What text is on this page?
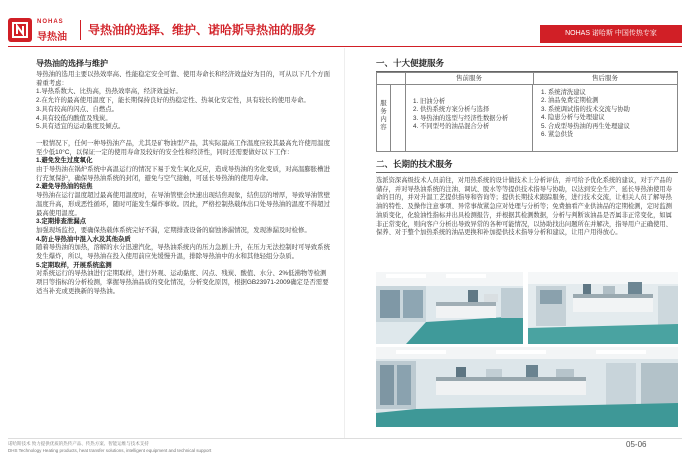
NOHAS
导热油
导热油的选择、维护、诺哈斯导热油的服务	NOHAS 诺哈斯 中国传热专家
导热油的选择与维护

导热油的选用主要以热效率高、性能稳定安全可靠、使用寿命长和经济效益好为目的，可从以下几个方面着重考虑：

1.导热系数大、比热高，热热效率高，经济效益好。

2.在允许的最高使用温度下，能长期保持良好的热稳定性、热氧化安定性，具有较长的使用寿命。

3.具有较高的闪点、自燃点。

4.具有较低的酸值及残炭。

5.具有适宜的运动黏度及倾点。

一般情况下，任何一种导热油产品，尤其是矿物油型产品，其实际最高工作温度应较其最高允许使用温度至少低10°C，以保证一定的使用寿命及较好的安全性和经济性，同时还需要做好以下工作：

1.避免发生过度氧化

由于导热油在锅炉系统中高温运行的情况下易于发生氧化反应，造成导热油的劣化变质，对高温膨胀槽进行充氮保护，确保导热油系统的封闭，避免与空气接触，可延长导热油的使用寿命。

2.避免导热油的结焦

导热油在运行温度超过最高使用温度时，在导油管壁会快速出现结焦现象，结焦层的增厚，导致导油管壁温度升高，形成恶性循环，随时可能发生爆炸事故。因此，严格控制热载体出口处导热油的温度不得超过最高使用温度。

3.定期排查泄漏点

加强现场监控，要确保热载体系统完好不漏，定期排查设备的腐蚀渗漏情况，发现渗漏及时检修。

4.防止导热油中混入水及其他杂质

随着导热油的加热，溶解的水分迅速汽化，导热油系统内的压力急剧上升，在压力无法控制时可导致系统发生爆炸，所以，导热油在投入使用前应先缓慢升温，排除导热油中的水和其他轻组分杂质。

5.定期取样，开展系统监测

对系统运行的导热油进行定期取样，进行外观、运动黏度、闪点、残炭、酸值、水分、2%低沸物等检测项目等指标的分析检测，掌握导热油品质的变化情况，分析变化原因，根据GB23971-2009确定是否需要适当补充或更换新的导热油。

一、十大便捷服务
售前服务	售后服务
服务内容
1. 旧油分析
2. 供热系统方案分析与选择
3. 导热油的选型与经济性数据分析
4. 不同型号的油品混合分析
1. 系统清洗建议
2. 油品免费定期检测
3. 系统调试指的技术交流与协助
4. 隐患分析与处理建议
5. 合成型导热油的再生处理建议
6. 紧急供货
二、长期的技术服务

选派资深高级技术人员前往，对用热系统的设计做技术上分析评估，并可给予优化系统的建议，对于产品的储存，并对导热油系统的注油、调试、脱水等等提供技术指导与协助，以达到安全生产、延长导热油使用寿命的目的，并对升温工艺提供指导和咨询等；提供长期技术跟踪服务，进行技术交流，让相关人员了解导热油的特性、及操作注意事项、异常事故紧急应对处理与分析等；免费抽看产业供油品的定期检测，定时监测油质变化，化验油性指标并出具检测报告，并根据其检测数据，分析与判断该油品是否属非正常变化，如属非正常变化，则向客户分析出导致异常的各种可能情况，以协助找出问题所在并解决，指导用户正确使用、保养、对于整个加热系统的油品更换和补加提供技术指导分析和建议，让用户用得放心。

诺哈斯技术 致力提供优质的热传产品、传热方案、智能运维与技术支持
DHS Technology Heating products, heat transfer solutions, intelligent equipment and technical support
05-06
